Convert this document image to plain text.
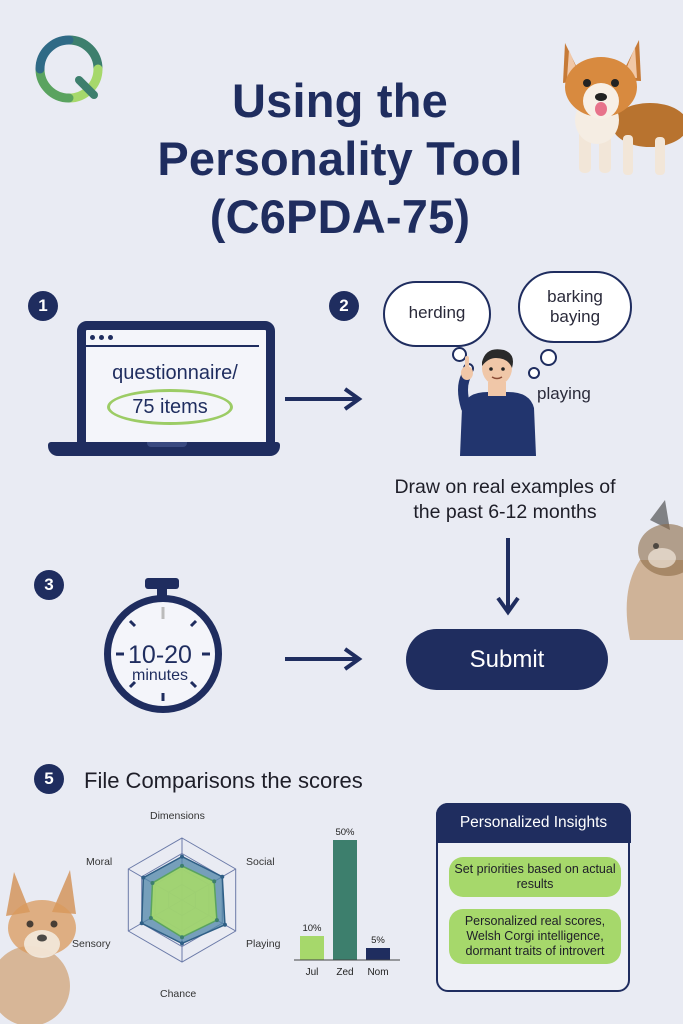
Using the
Personality Tool
(C6PDA-75)
1
questionnaire/
75 items
2	herding
barking
baying
playing
Draw on real examples of
the past 6-12 months
3
10-20
minutes
Submit
5	File Comparisons the scores
Dimensions
Social
Playing
Chance
Sensory
Moral
10%
Jul
50%
Zed
5%
Nom
Personalized Insights
Set priorities based on actual results
Personalized real scores, Welsh Corgi intelligence, dormant traits of introvert
